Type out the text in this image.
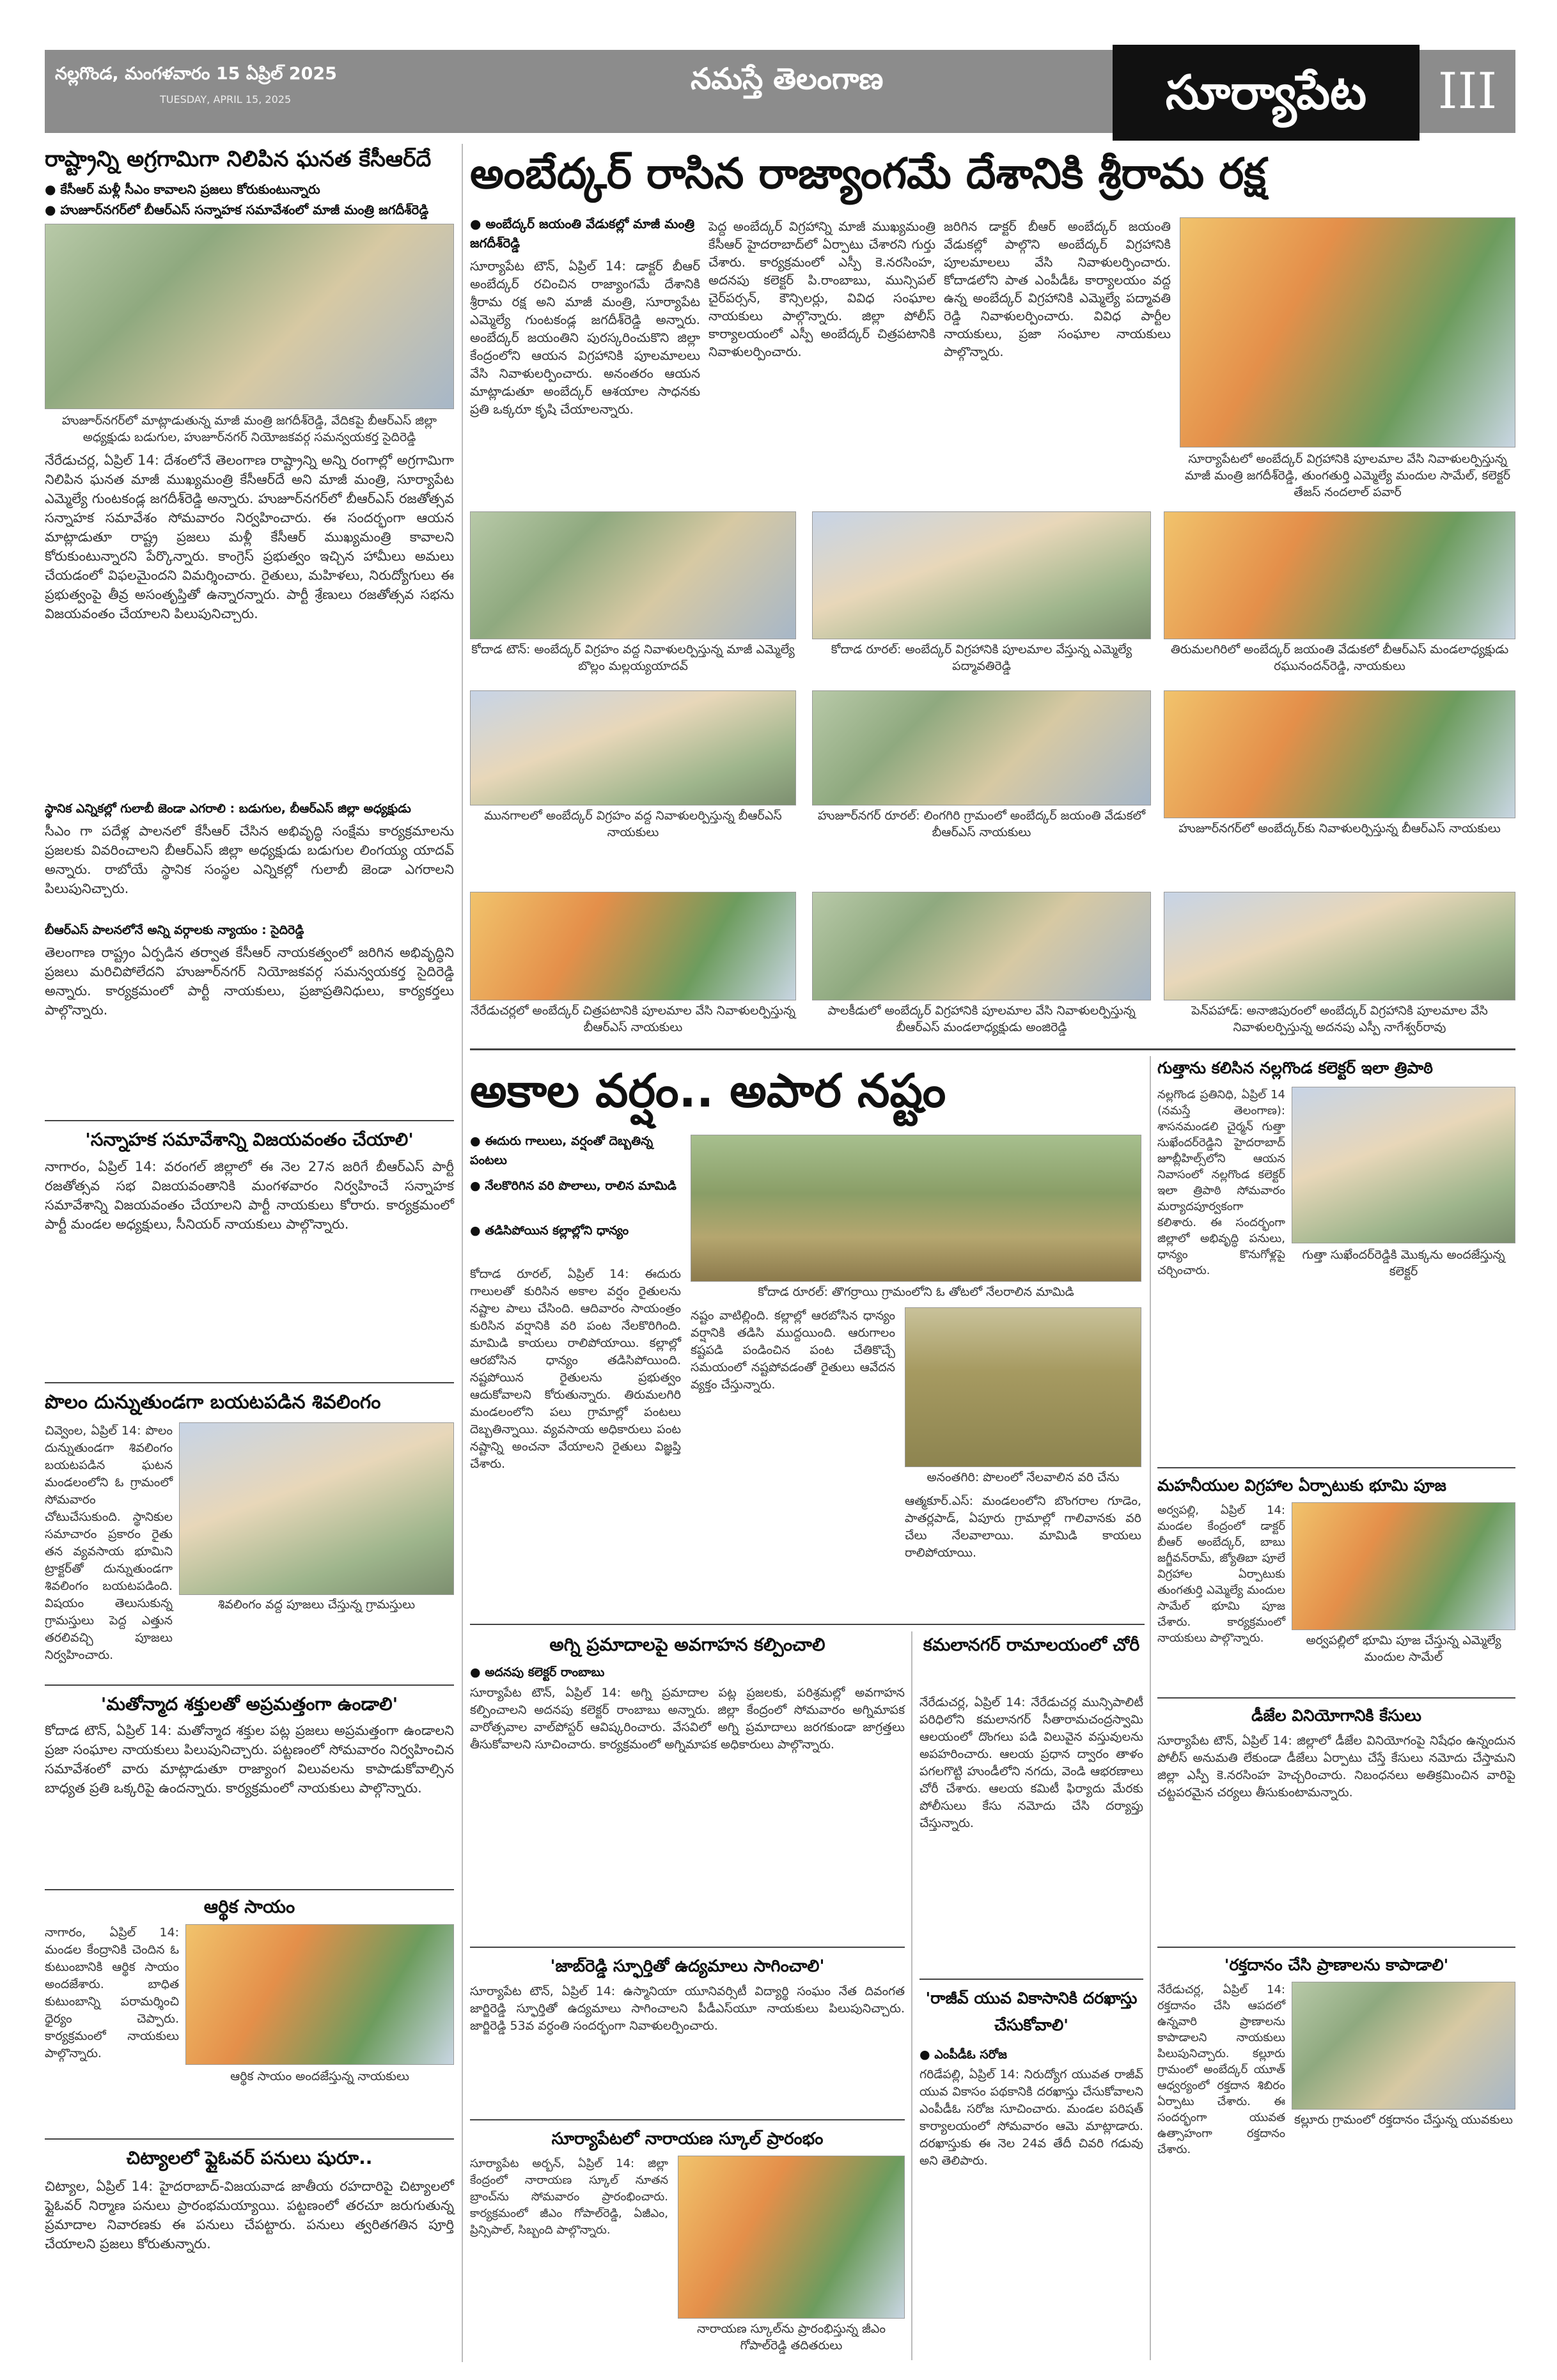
నల్లగొండ, మంగళవారం 15 ఏప్రిల్ 2025
TUESDAY, APRIL 15, 2025
నమస్తే తెలంగాణ	సూర్యాపేట	III
రాష్ట్రాన్ని అగ్రగామిగా నిలిపిన ఘనత కేసీఆర్‌దే
● కేసీఆర్ మళ్లీ సీఎం కావాలని ప్రజలు కోరుకుంటున్నారు
● హుజూర్‌నగర్‌లో బీఆర్‌ఎస్ సన్నాహక సమావేశంలో మాజీ మంత్రి జగదీశ్‌రెడ్డి
హుజూర్‌నగర్‌లో మాట్లాడుతున్న మాజీ మంత్రి జగదీశ్‌రెడ్డి, వేదికపై బీఆర్‌ఎస్ జిల్లా అధ్యక్షుడు బడుగుల, హుజూర్‌నగర్ నియోజకవర్గ సమన్వయకర్త సైదిరెడ్డి
నేరేడుచర్ల, ఏప్రిల్ 14: దేశంలోనే తెలంగాణ రాష్ట్రాన్ని అన్ని రంగాల్లో అగ్రగామిగా నిలిపిన ఘనత మాజీ ముఖ్యమంత్రి కేసీఆర్‌దే అని మాజీ మంత్రి, సూర్యాపేట ఎమ్మెల్యే గుంటకండ్ల జగదీశ్‌రెడ్డి అన్నారు. హుజూర్‌నగర్‌లో బీఆర్‌ఎస్ రజతోత్సవ సన్నాహక సమావేశం సోమవారం నిర్వహించారు. ఈ సందర్భంగా ఆయన మాట్లాడుతూ రాష్ట్ర ప్రజలు మళ్లీ కేసీఆర్ ముఖ్యమంత్రి కావాలని కోరుకుంటున్నారని పేర్కొన్నారు. కాంగ్రెస్ ప్రభుత్వం ఇచ్చిన హామీలు అమలు చేయడంలో విఫలమైందని విమర్శించారు. రైతులు, మహిళలు, నిరుద్యోగులు ఈ ప్రభుత్వంపై తీవ్ర అసంతృప్తితో ఉన్నారన్నారు. పార్టీ శ్రేణులు రజతోత్సవ సభను విజయవంతం చేయాలని పిలుపునిచ్చారు.
స్థానిక ఎన్నికల్లో గులాబీ జెండా ఎగరాలి : బడుగుల, బీఆర్‌ఎస్ జిల్లా అధ్యక్షుడు
సీఎం గా పదేళ్ల పాలనలో కేసీఆర్ చేసిన అభివృద్ధి సంక్షేమ కార్యక్రమాలను ప్రజలకు వివరించాలని బీఆర్‌ఎస్ జిల్లా అధ్యక్షుడు బడుగుల లింగయ్య యాదవ్ అన్నారు. రాబోయే స్థానిక సంస్థల ఎన్నికల్లో గులాబీ జెండా ఎగరాలని పిలుపునిచ్చారు.
బీఆర్‌ఎస్ పాలనలోనే అన్ని వర్గాలకు న్యాయం : సైదిరెడ్డి
తెలంగాణ రాష్ట్రం ఏర్పడిన తర్వాత కేసీఆర్ నాయకత్వంలో జరిగిన అభివృద్ధిని ప్రజలు మరిచిపోలేదని హుజూర్‌నగర్ నియోజకవర్గ సమన్వయకర్త సైదిరెడ్డి అన్నారు. కార్యక్రమంలో పార్టీ నాయకులు, ప్రజాప్రతినిధులు, కార్యకర్తలు పాల్గొన్నారు.
'సన్నాహక సమావేశాన్ని విజయవంతం చేయాలి'
నాగారం, ఏప్రిల్ 14: వరంగల్ జిల్లాలో ఈ నెల 27న జరిగే బీఆర్‌ఎస్ పార్టీ రజతోత్సవ సభ విజయవంతానికి మంగళవారం నిర్వహించే సన్నాహక సమావేశాన్ని విజయవంతం చేయాలని పార్టీ నాయకులు కోరారు. కార్యక్రమంలో పార్టీ మండల అధ్యక్షులు, సీనియర్ నాయకులు పాల్గొన్నారు.
పొలం దున్నుతుండగా బయటపడిన శివలింగం
చివ్వెంల, ఏప్రిల్ 14: పొలం దున్నుతుండగా శివలింగం బయటపడిన ఘటన మండలంలోని ఓ గ్రామంలో సోమవారం చోటుచేసుకుంది. స్థానికుల సమాచారం ప్రకారం రైతు తన వ్యవసాయ భూమిని ట్రాక్టర్‌తో దున్నుతుండగా శివలింగం బయటపడింది. విషయం తెలుసుకున్న గ్రామస్తులు పెద్ద ఎత్తున తరలివచ్చి పూజలు నిర్వహించారు.
శివలింగం వద్ద పూజలు చేస్తున్న గ్రామస్తులు
'మతోన్మాద శక్తులతో అప్రమత్తంగా ఉండాలి'
కోదాడ టౌన్, ఏప్రిల్ 14: మతోన్మాద శక్తుల పట్ల ప్రజలు అప్రమత్తంగా ఉండాలని ప్రజా సంఘాల నాయకులు పిలుపునిచ్చారు. పట్టణంలో సోమవారం నిర్వహించిన సమావేశంలో వారు మాట్లాడుతూ రాజ్యాంగ విలువలను కాపాడుకోవాల్సిన బాధ్యత ప్రతి ఒక్కరిపై ఉందన్నారు. కార్యక్రమంలో నాయకులు పాల్గొన్నారు.
ఆర్థిక సాయం
నాగారం, ఏప్రిల్ 14: మండల కేంద్రానికి చెందిన ఓ కుటుంబానికి ఆర్థిక సాయం అందజేశారు. బాధిత కుటుంబాన్ని పరామర్శించి ధైర్యం చెప్పారు. కార్యక్రమంలో నాయకులు పాల్గొన్నారు.
ఆర్థిక సాయం అందజేస్తున్న నాయకులు
చిట్యాలలో ఫ్లైఓవర్ పనులు షురూ..
చిట్యాల, ఏప్రిల్ 14: హైదరాబాద్-విజయవాడ జాతీయ రహదారిపై చిట్యాలలో ఫ్లైఓవర్ నిర్మాణ పనులు ప్రారంభమయ్యాయి. పట్టణంలో తరచూ జరుగుతున్న ప్రమాదాల నివారణకు ఈ పనులు చేపట్టారు. పనులు త్వరితగతిన పూర్తి చేయాలని ప్రజలు కోరుతున్నారు.
అంబేద్కర్ రాసిన రాజ్యాంగమే దేశానికి శ్రీరామ రక్ష
● అంబేద్కర్ జయంతి వేడుకల్లో మాజీ మంత్రి జగదీశ్‌రెడ్డి
సూర్యాపేట టౌన్, ఏప్రిల్ 14: డాక్టర్ బీఆర్ అంబేద్కర్ రచించిన రాజ్యాంగమే దేశానికి శ్రీరామ రక్ష అని మాజీ మంత్రి, సూర్యాపేట ఎమ్మెల్యే గుంటకండ్ల జగదీశ్‌రెడ్డి అన్నారు. అంబేద్కర్ జయంతిని పురస్కరించుకొని జిల్లా కేంద్రంలోని ఆయన విగ్రహానికి పూలమాలలు వేసి నివాళులర్పించారు. అనంతరం ఆయన మాట్లాడుతూ అంబేద్కర్ ఆశయాల సాధనకు ప్రతి ఒక్కరూ కృషి చేయాలన్నారు.
పెద్ద అంబేద్కర్ విగ్రహాన్ని మాజీ ముఖ్యమంత్రి కేసీఆర్ హైదరాబాద్‌లో ఏర్పాటు చేశారని గుర్తు చేశారు. కార్యక్రమంలో ఎస్పీ కె.నరసింహ, అదనపు కలెక్టర్ పి.రాంబాబు, మున్సిపల్ చైర్‌పర్సన్, కౌన్సిలర్లు, వివిధ సంఘాల నాయకులు పాల్గొన్నారు. జిల్లా పోలీస్ కార్యాలయంలో ఎస్పీ అంబేద్కర్ చిత్రపటానికి నివాళులర్పించారు.
జరిగిన డాక్టర్ బీఆర్ అంబేద్కర్ జయంతి వేడుకల్లో పాల్గొని అంబేద్కర్ విగ్రహానికి పూలమాలలు వేసి నివాళులర్పించారు. కోదాడలోని పాత ఎంపీడీఓ కార్యాలయం వద్ద ఉన్న అంబేద్కర్ విగ్రహానికి ఎమ్మెల్యే పద్మావతి రెడ్డి నివాళులర్పించారు. వివిధ పార్టీల నాయకులు, ప్రజా సంఘాల నాయకులు పాల్గొన్నారు.
సూర్యాపేటలో అంబేద్కర్ విగ్రహానికి పూలమాల వేసి నివాళులర్పిస్తున్న మాజీ మంత్రి జగదీశ్‌రెడ్డి, తుంగతుర్తి ఎమ్మెల్యే మందుల సామేల్, కలెక్టర్ తేజస్ నందలాల్ పవార్
కోదాడ టౌన్: అంబేద్కర్ విగ్రహం వద్ద నివాళులర్పిస్తున్న మాజీ ఎమ్మెల్యే బొల్లం మల్లయ్యయాదవ్
కోదాడ రూరల్: అంబేద్కర్ విగ్రహానికి పూలమాల వేస్తున్న ఎమ్మెల్యే పద్మావతిరెడ్డి
తిరుమలగిరిలో అంబేద్కర్ జయంతి వేడుకలో బీఆర్‌ఎస్ మండలాధ్యక్షుడు రఘునందన్‌రెడ్డి, నాయకులు
మునగాలలో అంబేద్కర్ విగ్రహం వద్ద నివాళులర్పిస్తున్న బీఆర్‌ఎస్ నాయకులు
హుజూర్‌నగర్ రూరల్: లింగగిరి గ్రామంలో అంబేద్కర్ జయంతి వేడుకలో బీఆర్‌ఎస్ నాయకులు	హుజూర్‌నగర్‌లో అంబేద్కర్‌కు నివాళులర్పిస్తున్న బీఆర్‌ఎస్ నాయకులు
నేరేడుచర్లలో అంబేద్కర్ చిత్రపటానికి పూలమాల వేసి నివాళులర్పిస్తున్న బీఆర్‌ఎస్ నాయకులు
పాలకీడులో అంబేద్కర్ విగ్రహానికి పూలమాల వేసి నివాళులర్పిస్తున్న బీఆర్‌ఎస్ మండలాధ్యక్షుడు అంజిరెడ్డి
పెన్‌పహాడ్: అనాజిపురంలో అంబేద్కర్ విగ్రహానికి పూలమాల వేసి నివాళులర్పిస్తున్న అదనపు ఎస్పీ నాగేశ్వర్‌రావు
అకాల వర్షం.. అపార నష్టం
● ఈదురు గాలులు, వర్షంతో దెబ్బతిన్న పంటలు
● నేలకొరిగిన వరి పొలాలు, రాలిన మామిడి
● తడిసిపోయిన కల్లాల్లోని ధాన్యం
కోదాడ రూరల్, ఏప్రిల్ 14: ఈదురు గాలులతో కురిసిన అకాల వర్షం రైతులను నష్టాల పాలు చేసింది. ఆదివారం సాయంత్రం కురిసిన వర్షానికి వరి పంట నేలకొరిగింది. మామిడి కాయలు రాలిపోయాయి. కల్లాల్లో ఆరబోసిన ధాన్యం తడిసిపోయింది. నష్టపోయిన రైతులను ప్రభుత్వం ఆదుకోవాలని కోరుతున్నారు. తిరుమలగిరి మండలంలోని పలు గ్రామాల్లో పంటలు దెబ్బతిన్నాయి. వ్యవసాయ అధికారులు పంట నష్టాన్ని అంచనా వేయాలని రైతులు విజ్ఞప్తి చేశారు.
కోదాడ రూరల్: తొగర్రాయి గ్రామంలోని ఓ తోటలో నేలరాలిన మామిడి
నష్టం వాటిల్లింది. కల్లాల్లో ఆరబోసిన ధాన్యం వర్షానికి తడిసి ముద్దయింది. ఆరుగాలం కష్టపడి పండించిన పంట చేతికొచ్చే సమయంలో నష్టపోవడంతో రైతులు ఆవేదన వ్యక్తం చేస్తున్నారు.
అనంతగిరి: పొలంలో నేలవాలిన వరి చేను
ఆత్మకూర్.ఎస్: మండలంలోని బొంగరాల గూడెం, పాతర్లపాడ్, ఏపూరు గ్రామాల్లో గాలివానకు వరి చేలు నేలవాలాయి. మామిడి కాయలు రాలిపోయాయి.
గుత్తాను కలిసిన నల్లగొండ కలెక్టర్ ఇలా త్రిపాఠి
నల్లగొండ ప్రతినిధి, ఏప్రిల్ 14 (నమస్తే తెలంగాణ): శాసనమండలి చైర్మన్ గుత్తా సుఖేందర్‌రెడ్డిని హైదరాబాద్ జూబ్లీహిల్స్‌లోని ఆయన నివాసంలో నల్లగొండ కలెక్టర్ ఇలా త్రిపాఠి సోమవారం మర్యాదపూర్వకంగా కలిశారు. ఈ సందర్భంగా జిల్లాలో అభివృద్ధి పనులు, ధాన్యం కొనుగోళ్లపై చర్చించారు.
గుత్తా సుఖేందర్‌రెడ్డికి మొక్కను అందజేస్తున్న కలెక్టర్
మహనీయుల విగ్రహాల ఏర్పాటుకు భూమి పూజ
అర్వపల్లి, ఏప్రిల్ 14: మండల కేంద్రంలో డాక్టర్ బీఆర్ అంబేద్కర్, బాబు జగ్జీవన్‌రామ్, జ్యోతిబా పూలే విగ్రహాల ఏర్పాటుకు తుంగతుర్తి ఎమ్మెల్యే మందుల సామేల్ భూమి పూజ చేశారు. కార్యక్రమంలో నాయకులు పాల్గొన్నారు.	అర్వపల్లిలో భూమి పూజ చేస్తున్న ఎమ్మెల్యే మందుల సామేల్
డీజేల వినియోగానికి కేసులు
సూర్యాపేట టౌన్, ఏప్రిల్ 14: జిల్లాలో డీజేల వినియోగంపై నిషేధం ఉన్నందున పోలీస్ అనుమతి లేకుండా డీజేలు ఏర్పాటు చేస్తే కేసులు నమోదు చేస్తామని జిల్లా ఎస్పీ కె.నరసింహ హెచ్చరించారు. నిబంధనలు అతిక్రమించిన వారిపై చట్టపరమైన చర్యలు తీసుకుంటామన్నారు.
'రక్తదానం చేసి ప్రాణాలను కాపాడాలి'
నేరేడుచర్ల, ఏప్రిల్ 14: రక్తదానం చేసి ఆపదలో ఉన్నవారి ప్రాణాలను కాపాడాలని నాయకులు పిలుపునిచ్చారు. కల్లూరు గ్రామంలో అంబేద్కర్ యూత్ ఆధ్వర్యంలో రక్తదాన శిబిరం ఏర్పాటు చేశారు. ఈ సందర్భంగా యువత ఉత్సాహంగా రక్తదానం చేశారు.
కల్లూరు గ్రామంలో రక్తదానం చేస్తున్న యువకులు
అగ్ని ప్రమాదాలపై అవగాహన కల్పించాలి
● అదనపు కలెక్టర్ రాంబాబు
సూర్యాపేట టౌన్, ఏప్రిల్ 14: అగ్ని ప్రమాదాల పట్ల ప్రజలకు, పరిశ్రమల్లో అవగాహన కల్పించాలని అదనపు కలెక్టర్ రాంబాబు అన్నారు. జిల్లా కేంద్రంలో సోమవారం అగ్నిమాపక వారోత్సవాల వాల్‌పోస్టర్ ఆవిష్కరించారు. వేసవిలో అగ్ని ప్రమాదాలు జరగకుండా జాగ్రత్తలు తీసుకోవాలని సూచించారు. కార్యక్రమంలో అగ్నిమాపక అధికారులు పాల్గొన్నారు.
'జాబ్‌రెడ్డి స్ఫూర్తితో ఉద్యమాలు సాగించాలి'
సూర్యాపేట టౌన్, ఏప్రిల్ 14: ఉస్మానియా యూనివర్సిటీ విద్యార్థి సంఘం నేత దివంగత జార్జిరెడ్డి స్ఫూర్తితో ఉద్యమాలు సాగించాలని పీడీఎస్‌యూ నాయకులు పిలుపునిచ్చారు. జార్జిరెడ్డి 53వ వర్ధంతి సందర్భంగా నివాళులర్పించారు.
సూర్యాపేటలో నారాయణ స్కూల్ ప్రారంభం
సూర్యాపేట అర్బన్, ఏప్రిల్ 14: జిల్లా కేంద్రంలో నారాయణ స్కూల్ నూతన బ్రాంచ్‌ను సోమవారం ప్రారంభించారు. కార్యక్రమంలో జీఎం గోపాల్‌రెడ్డి, ఏజీఎం, ప్రిన్సిపాల్, సిబ్బంది పాల్గొన్నారు.
నారాయణ స్కూల్‌ను ప్రారంభిస్తున్న జీఎం గోపాల్‌రెడ్డి తదితరులు
కమలానగర్ రామాలయంలో చోరీ
నేరేడుచర్ల, ఏప్రిల్ 14: నేరేడుచర్ల మున్సిపాలిటీ పరిధిలోని కమలానగర్ సీతారామచంద్రస్వామి ఆలయంలో దొంగలు పడి విలువైన వస్తువులను అపహరించారు. ఆలయ ప్రధాన ద్వారం తాళం పగలగొట్టి హుండీలోని నగదు, వెండి ఆభరణాలు చోరీ చేశారు. ఆలయ కమిటీ ఫిర్యాదు మేరకు పోలీసులు కేసు నమోదు చేసి దర్యాప్తు చేస్తున్నారు.
'రాజీవ్ యువ వికాసానికి దరఖాస్తు చేసుకోవాలి'
● ఎంపీడీఓ సరోజ
గరిడేపల్లి, ఏప్రిల్ 14: నిరుద్యోగ యువత రాజీవ్ యువ వికాసం పథకానికి దరఖాస్తు చేసుకోవాలని ఎంపీడీఓ సరోజ సూచించారు. మండల పరిషత్ కార్యాలయంలో సోమవారం ఆమె మాట్లాడారు. దరఖాస్తుకు ఈ నెల 24వ తేదీ చివరి గడువు అని తెలిపారు.
